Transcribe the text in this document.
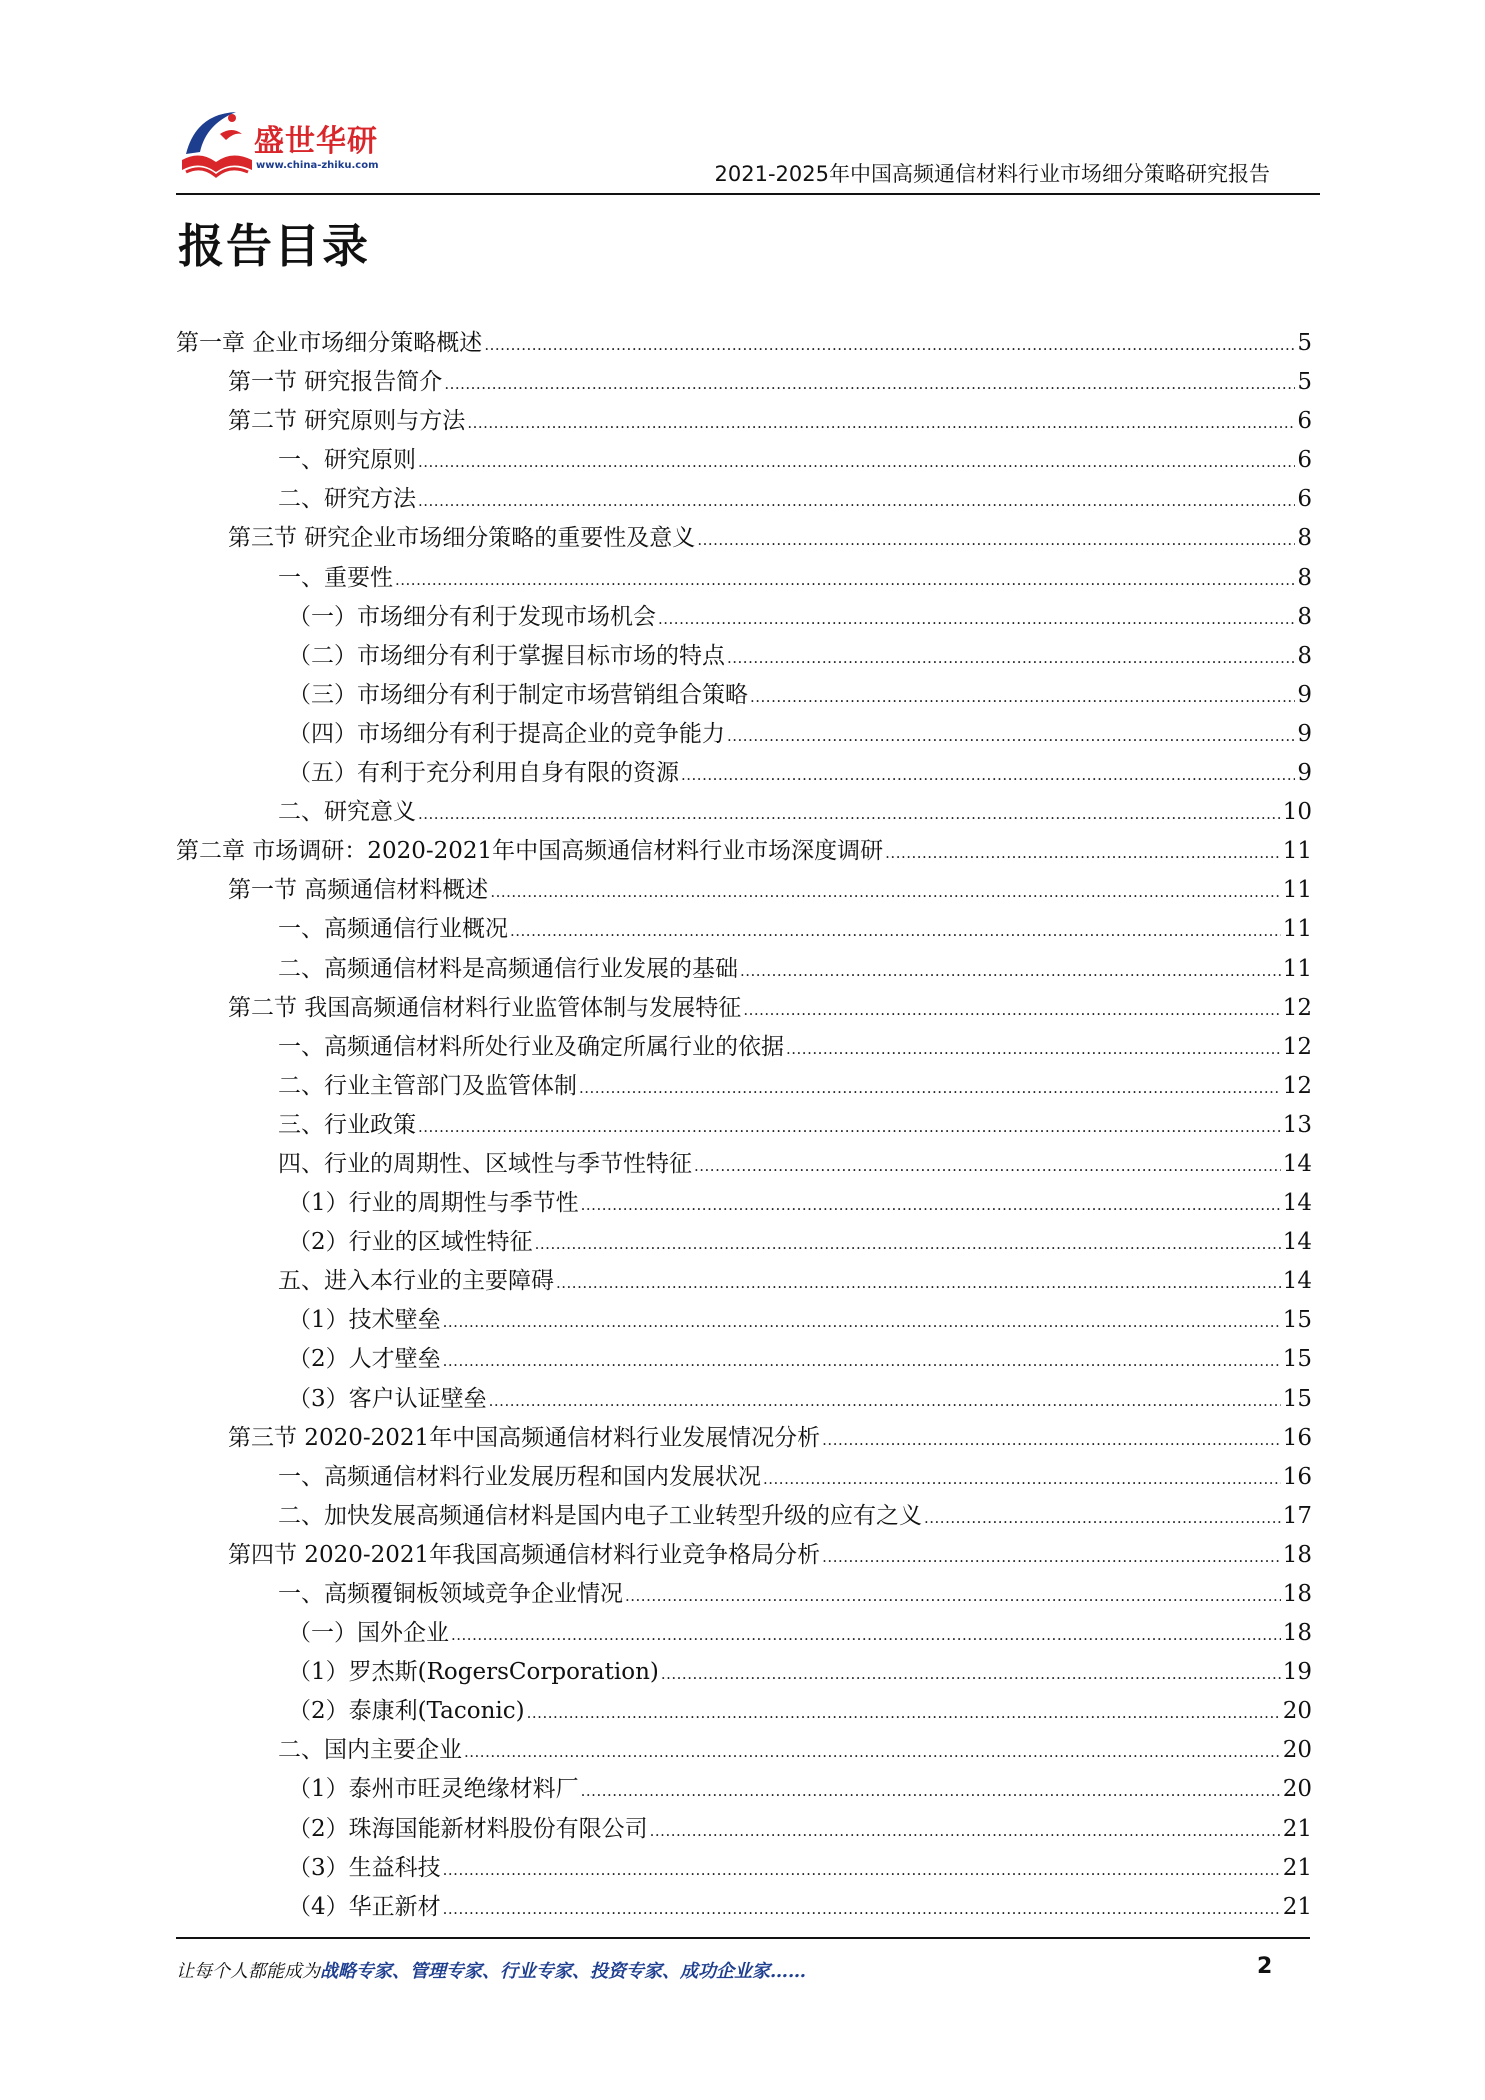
盛世华研
www.china-zhiku.com	2021-2025年中国高频通信材料行业市场细分策略研究报告
报告目录
第一章 企业市场细分策略概述 .....	5
第一节 研究报告简介 .....	5
第二节 研究原则与方法 .....	6
一、研究原则 .....	6
二、研究方法 .....	6
第三节 研究企业市场细分策略的重要性及意义 .....	8
一、重要性 .....	8
（一）市场细分有利于发现市场机会 .....	8
（二）市场细分有利于掌握目标市场的特点 .....	8
（三）市场细分有利于制定市场营销组合策略 .....	9
（四）市场细分有利于提高企业的竞争能力 .....	9
（五）有利于充分利用自身有限的资源 .....	9
二、研究意义 .....	10
第二章 市场调研：2020-2021年中国高频通信材料行业市场深度调研 .....	11
第一节 高频通信材料概述 .....	11
一、高频通信行业概况 .....	11
二、高频通信材料是高频通信行业发展的基础 .....	11
第二节 我国高频通信材料行业监管体制与发展特征 .....	12
一、高频通信材料所处行业及确定所属行业的依据 .....	12
二、行业主管部门及监管体制 .....	12
三、行业政策 .....	13
四、行业的周期性、区域性与季节性特征 .....	14
（1）行业的周期性与季节性 .....	14
（2）行业的区域性特征 .....	14
五、进入本行业的主要障碍 .....	14
（1）技术壁垒 .....	15
（2）人才壁垒 .....	15
（3）客户认证壁垒 .....	15
第三节 2020-2021年中国高频通信材料行业发展情况分析 .....	16
一、高频通信材料行业发展历程和国内发展状况 .....	16
二、加快发展高频通信材料是国内电子工业转型升级的应有之义 .....	17
第四节 2020-2021年我国高频通信材料行业竞争格局分析 .....	18
一、高频覆铜板领域竞争企业情况 .....	18
（一）国外企业 .....	18
（1）罗杰斯(RogersCorporation) .....	19
（2）泰康利(Taconic) .....	20
二、国内主要企业 .....	20
（1）泰州市旺灵绝缘材料厂 .....	20
（2）珠海国能新材料股份有限公司 .....	21
（3）生益科技 .....	21
（4）华正新材 .....	21
让每个人都能成为战略专家、管理专家、行业专家、投资专家、成功企业家……	2
